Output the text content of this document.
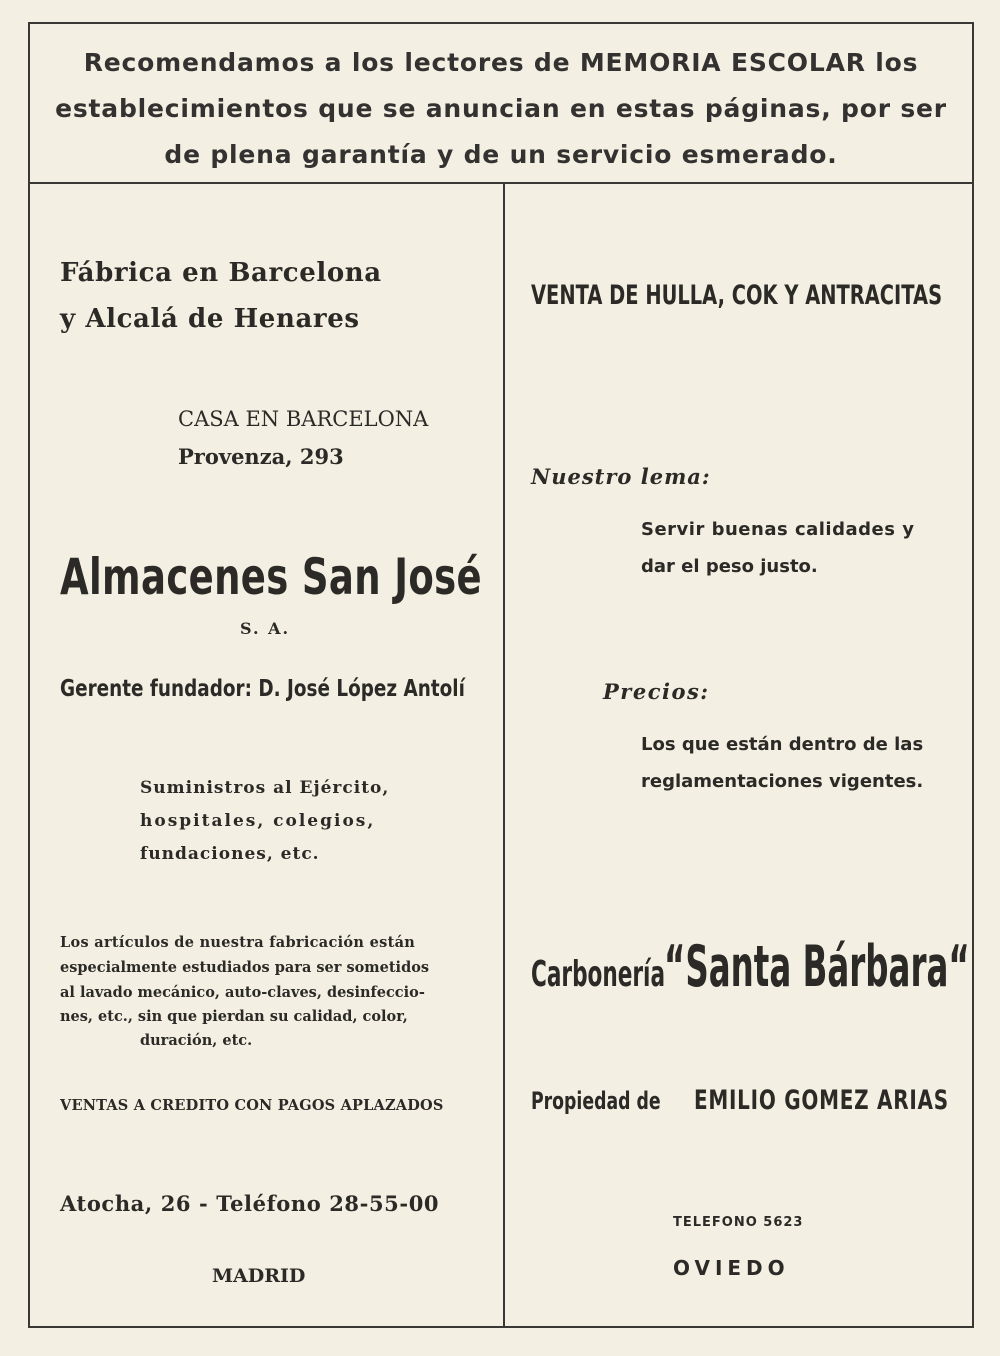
Recomendamos a los lectores de MEMORIA ESCOLAR los
establecimientos que se anuncian en estas páginas, por ser
de plena garantía y de un servicio esmerado.
Fábrica en Barcelona
y Alcalá de Henares
CASA EN BARCELONA
Provenza, 293
Almacenes San José
S. A.
Gerente fundador: D. José López Antolí
Suministros al Ejército,
hospitales, colegios,
fundaciones, etc.
Los artículos de nuestra fabricación están
especialmente estudiados para ser sometidos
al lavado mecánico, auto-claves, desinfeccio-
nes, etc., sin que pierdan su calidad, color,
duración, etc.
VENTAS A CREDITO CON PAGOS APLAZADOS
Atocha, 26 - Teléfono 28-55-00
MADRID
VENTA DE HULLA, COK Y ANTRACITAS
Nuestro lema:
Servir buenas calidades y
dar el peso justo.
Precios:
Los que están dentro de las
reglamentaciones vigentes.
Carbonería
“Santa Bárbara“
Propiedad de EMILIO GOMEZ ARIAS
TELEFONO 5623
OVIEDO
